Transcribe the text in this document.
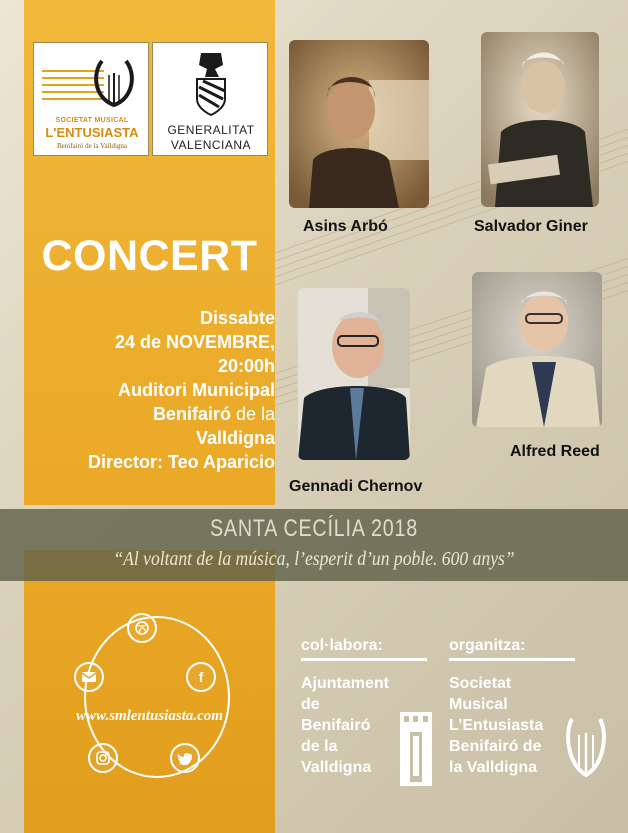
SOCIETAT MUSICAL
L'ENTUSIASTA
Benifairó de la Valldigna
GENERALITAT
VALENCIANA
CONCERT
Dissabte
24 de NOVEMBRE,
20:00h
Auditori Municipal
Benifairó de la
Valldigna
Director: Teo Aparicio
Asins Arbó	Salvador Giner
Gennadi Chernov
Alfred Reed
SANTA CECÍLIA 2018
“Al voltant de la música, l’esperit d’un poble. 600 anys”
f
www.smlentusiasta.com
col·labora:
Ajuntament
de
Benifairó
de la
Valldigna
organitza:
Societat
Musical
L’Entusiasta
Benifairó de
la Valldigna
